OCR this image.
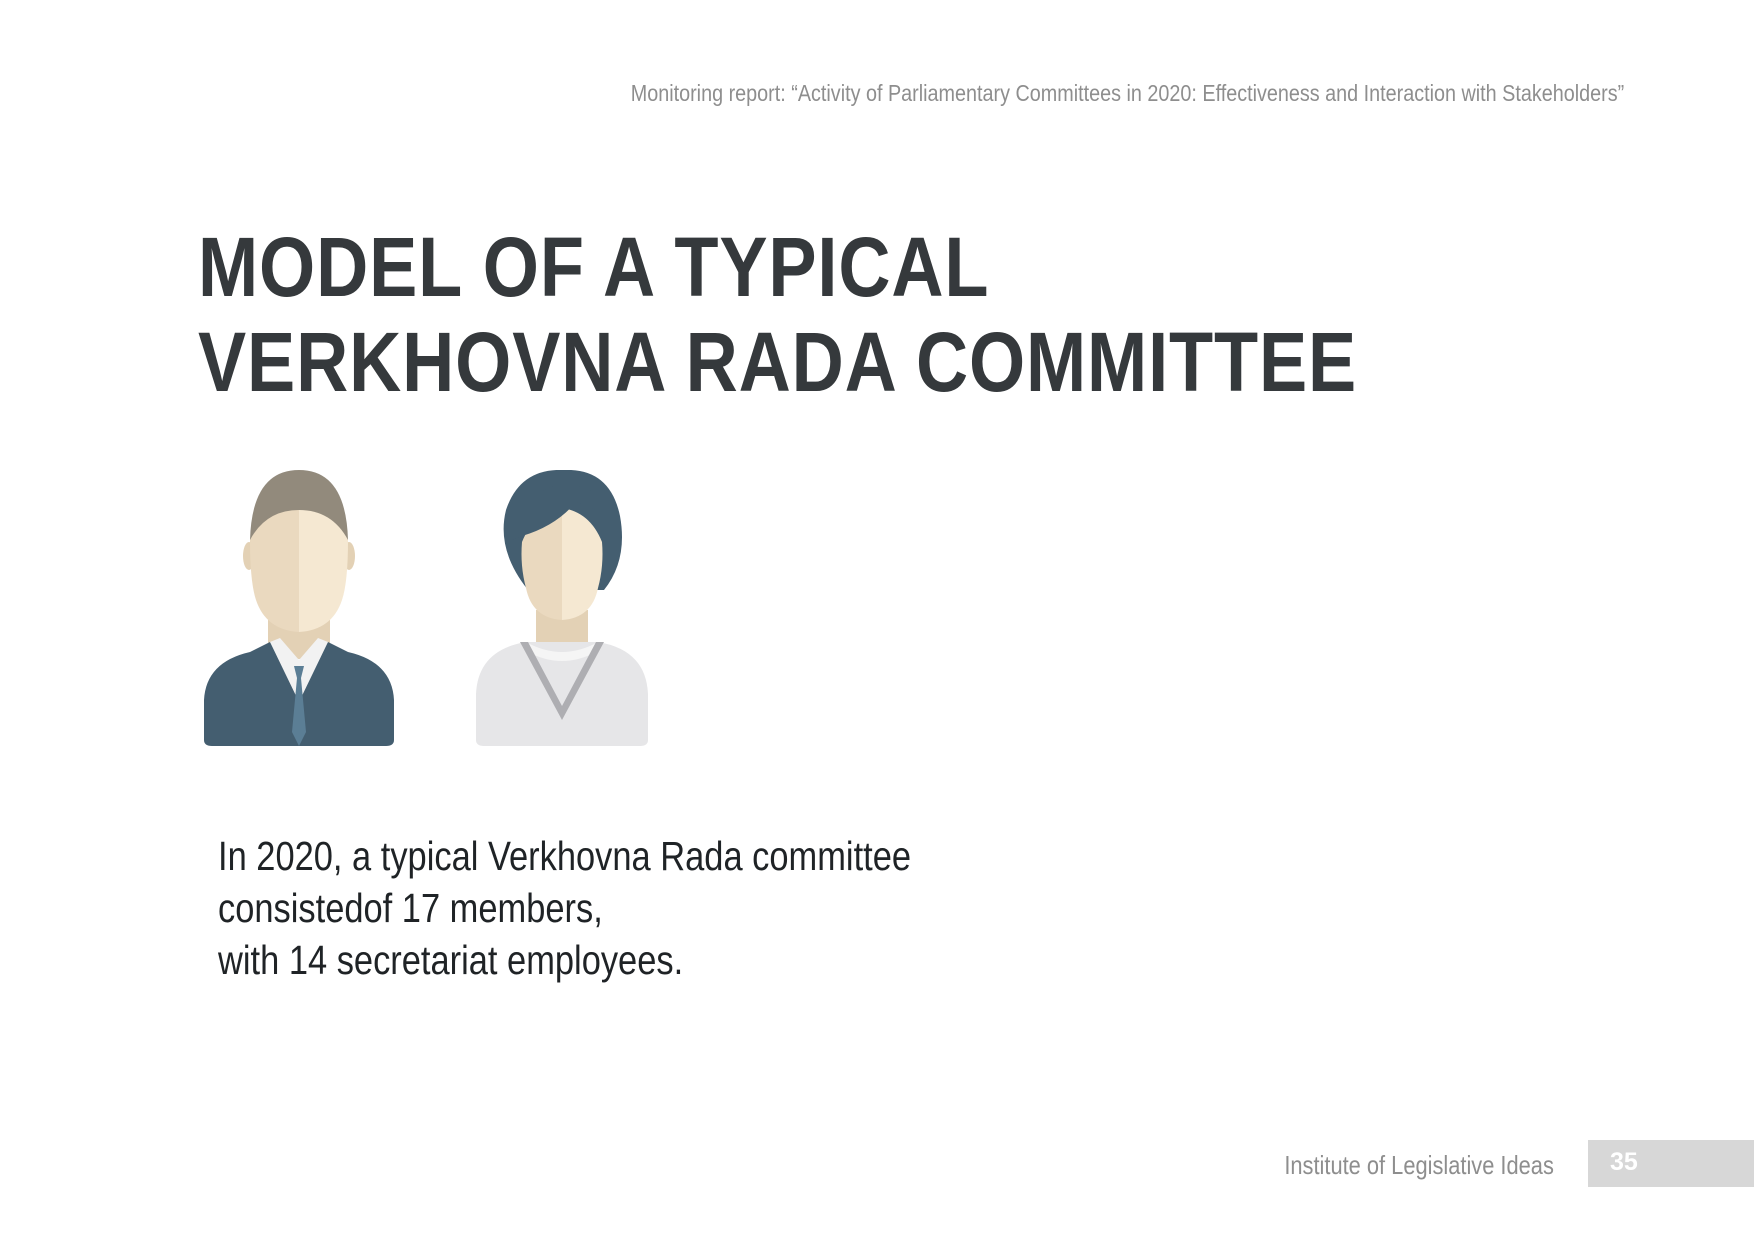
Monitoring report: “Activity of Parliamentary Committees in 2020: Effectiveness and Interaction with Stakeholders”
MODEL OF A TYPICAL
VERKHOVNA RADA COMMITTEE
In 2020, a typical Verkhovna Rada committee
consistedof 17 members,
with 14 secretariat employees.
Institute of Legislative Ideas 35
